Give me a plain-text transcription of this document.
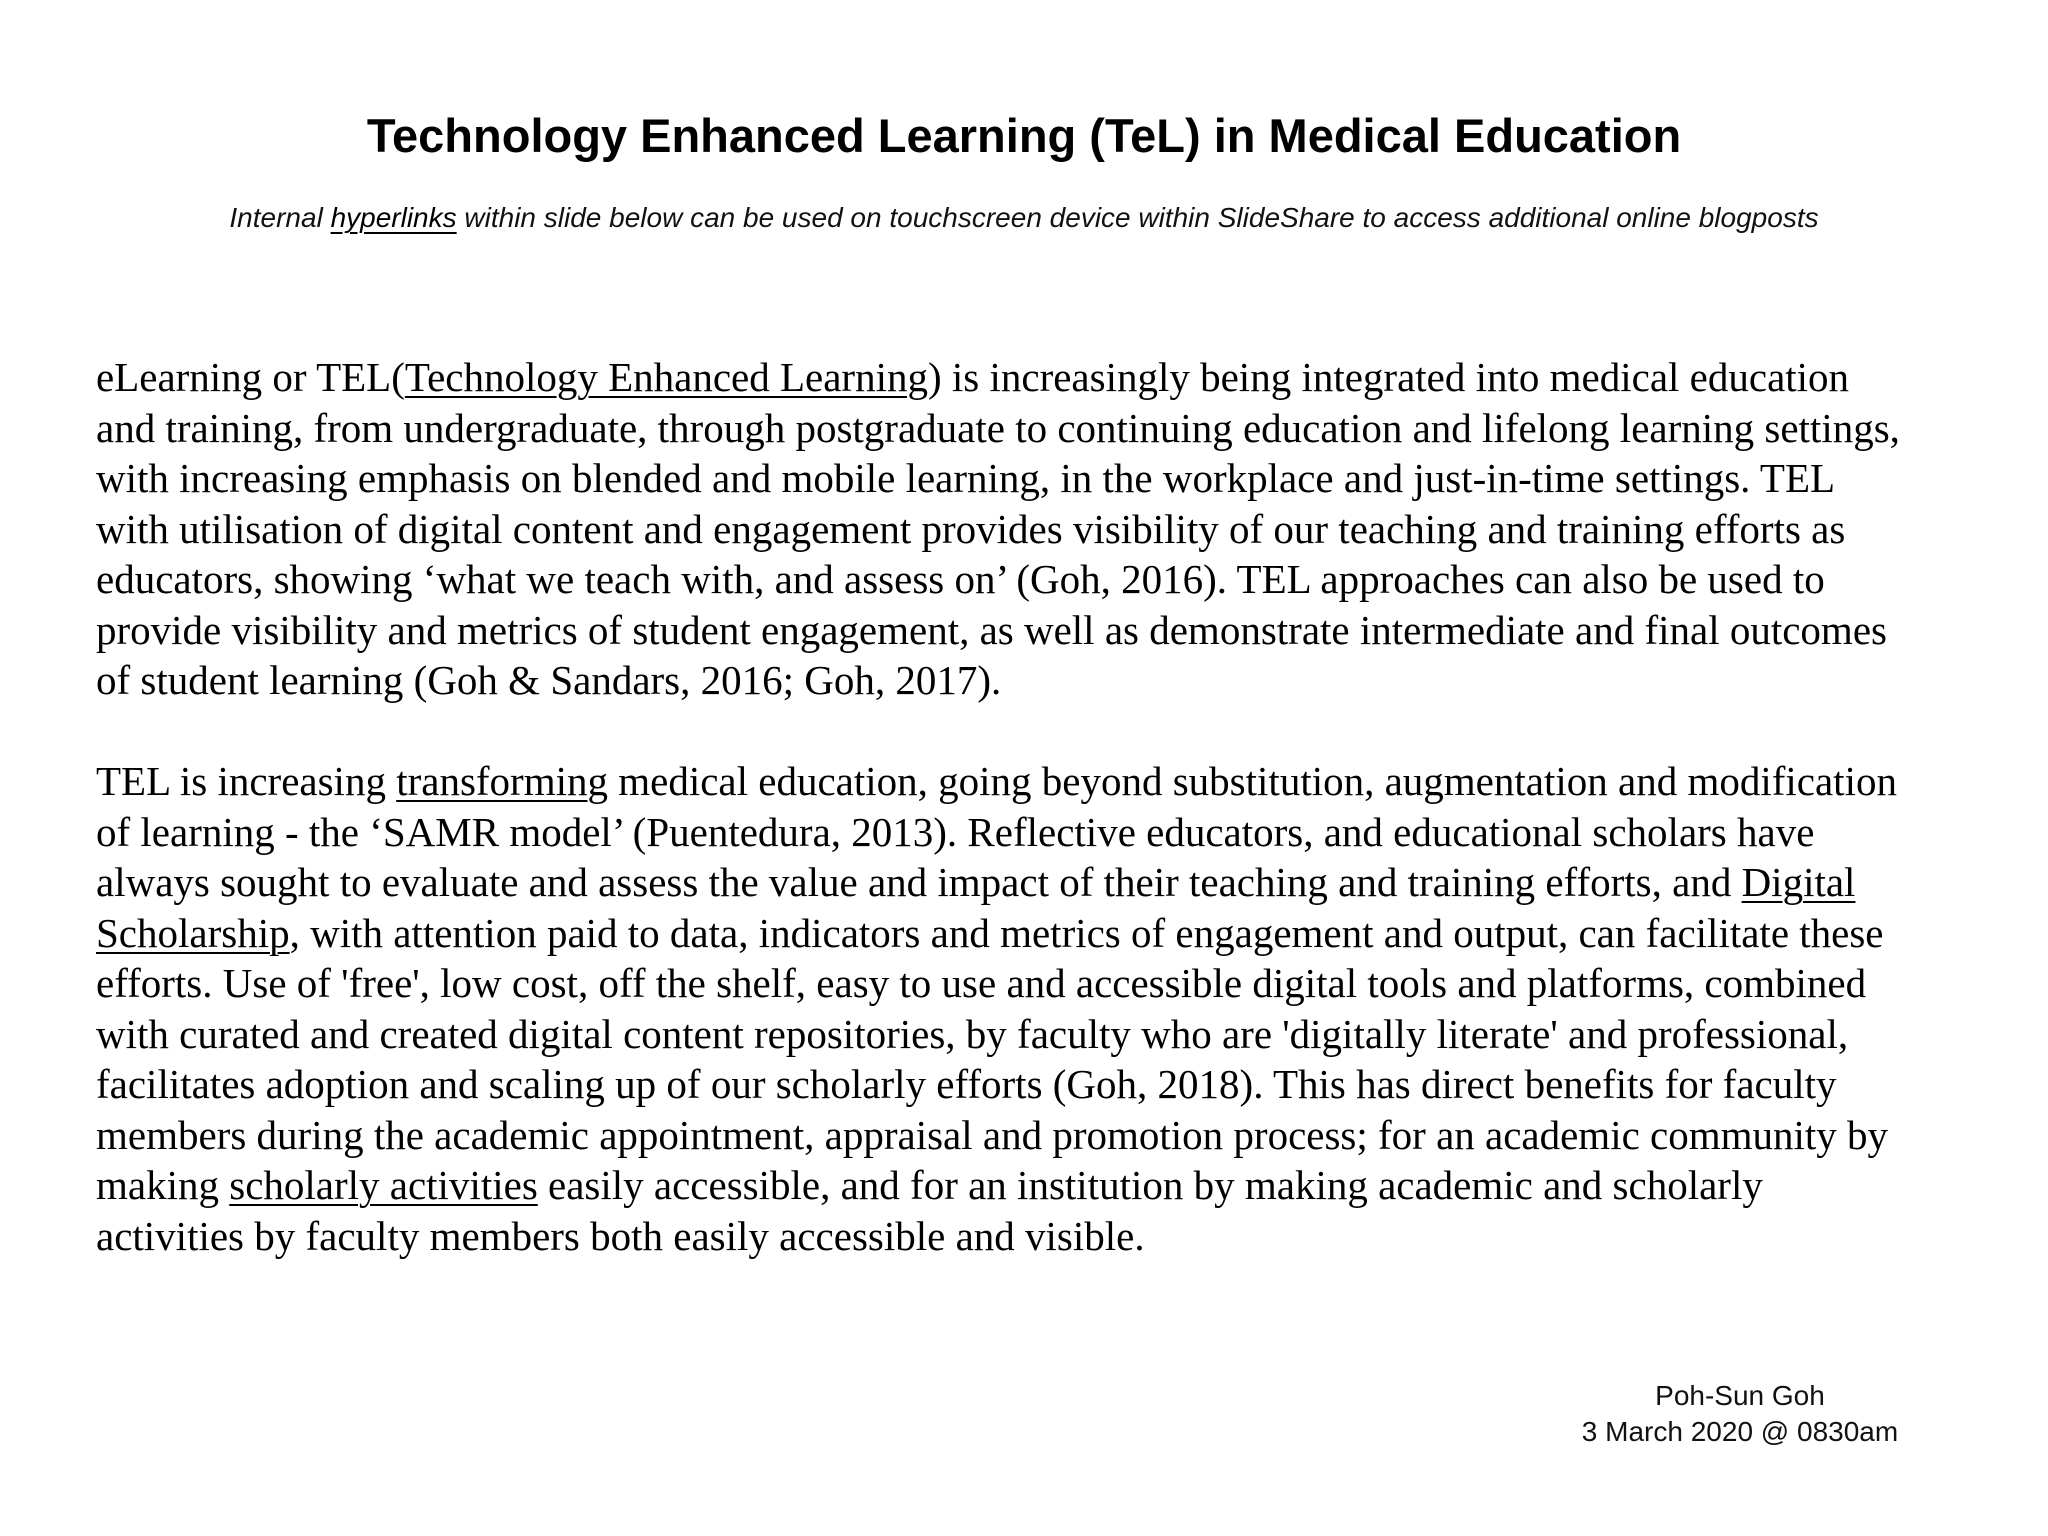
Technology Enhanced Learning (TeL) in Medical Education

Internal hyperlinks within slide below can be used on touchscreen device within SlideShare to access additional online blogposts

eLearning or TEL(Technology Enhanced Learning) is increasingly being integrated into medical education
and training, from undergraduate, through postgraduate to continuing education and lifelong learning settings,
with increasing emphasis on blended and mobile learning, in the workplace and just-in-time settings. TEL
with utilisation of digital content and engagement provides visibility of our teaching and training efforts as
educators, showing ‘what we teach with, and assess on’ (Goh, 2016). TEL approaches can also be used to
provide visibility and metrics of student engagement, as well as demonstrate intermediate and final outcomes
of student learning (Goh & Sandars, 2016; Goh, 2017).

TEL is increasing transforming medical education, going beyond substitution, augmentation and modification
of learning - the ‘SAMR model’ (Puentedura, 2013). Reflective educators, and educational scholars have
always sought to evaluate and assess the value and impact of their teaching and training efforts, and Digital
Scholarship, with attention paid to data, indicators and metrics of engagement and output, can facilitate these
efforts. Use of 'free', low cost, off the shelf, easy to use and accessible digital tools and platforms, combined
with curated and created digital content repositories, by faculty who are 'digitally literate' and professional,
facilitates adoption and scaling up of our scholarly efforts (Goh, 2018). This has direct benefits for faculty
members during the academic appointment, appraisal and promotion process; for an academic community by
making scholarly activities easily accessible, and for an institution by making academic and scholarly
activities by faculty members both easily accessible and visible.

Poh-Sun Goh
3 March 2020 @ 0830am
